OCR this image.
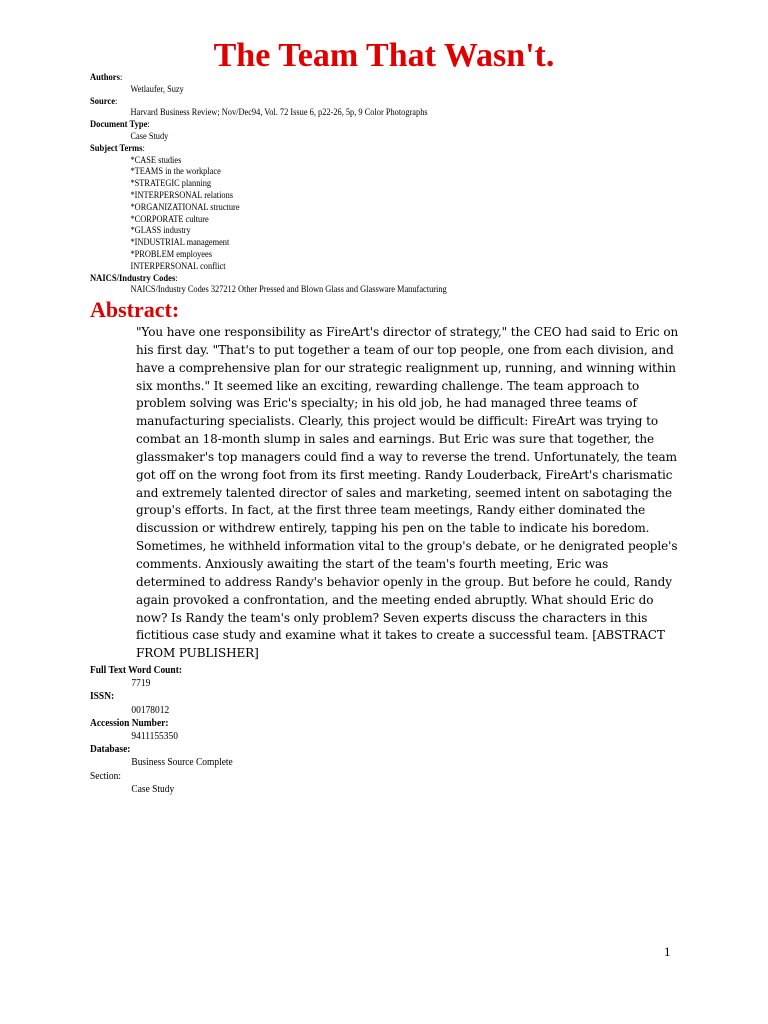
The Team That Wasn't.
Authors:
Wetlaufer, Suzy
Source:
Harvard Business Review; Nov/Dec94, Vol. 72 Issue 6, p22-26, 5p, 9 Color Photographs
Document Type:
Case Study
Subject Terms:
*CASE studies
*TEAMS in the workplace
*STRATEGIC planning
*INTERPERSONAL relations
*ORGANIZATIONAL structure
*CORPORATE culture
*GLASS industry
*INDUSTRIAL management
*PROBLEM employees
INTERPERSONAL conflict
NAICS/Industry Codes:
NAICS/Industry Codes 327212 Other Pressed and Blown Glass and Glassware Manufacturing
Abstract:
"You have one responsibility as FireArt's director of strategy," the CEO had said to Eric on his first day. "That's to put together a team of our top people, one from each division, and have a comprehensive plan for our strategic realignment up, running, and winning within six months." It seemed like an exciting, rewarding challenge. The team approach to problem solving was Eric's specialty; in his old job, he had managed three teams of manufacturing specialists. Clearly, this project would be difficult: FireArt was trying to combat an 18-month slump in sales and earnings. But Eric was sure that together, the glassmaker's top managers could find a way to reverse the trend. Unfortunately, the team got off on the wrong foot from its first meeting. Randy Louderback, FireArt's charismatic and extremely talented director of sales and marketing, seemed intent on sabotaging the group's efforts. In fact, at the first three team meetings, Randy either dominated the discussion or withdrew entirely, tapping his pen on the table to indicate his boredom. Sometimes, he withheld information vital to the group's debate, or he denigrated people's comments. Anxiously awaiting the start of the team's fourth meeting, Eric was determined to address Randy's behavior openly in the group. But before he could, Randy again provoked a confrontation, and the meeting ended abruptly. What should Eric do now? Is Randy the team's only problem? Seven experts discuss the characters in this fictitious case study and examine what it takes to create a successful team. [ABSTRACT FROM PUBLISHER]
Full Text Word Count:
7719
ISSN:
00178012
Accession Number:
9411155350
Database:
Business Source Complete
Section:
Case Study
1
